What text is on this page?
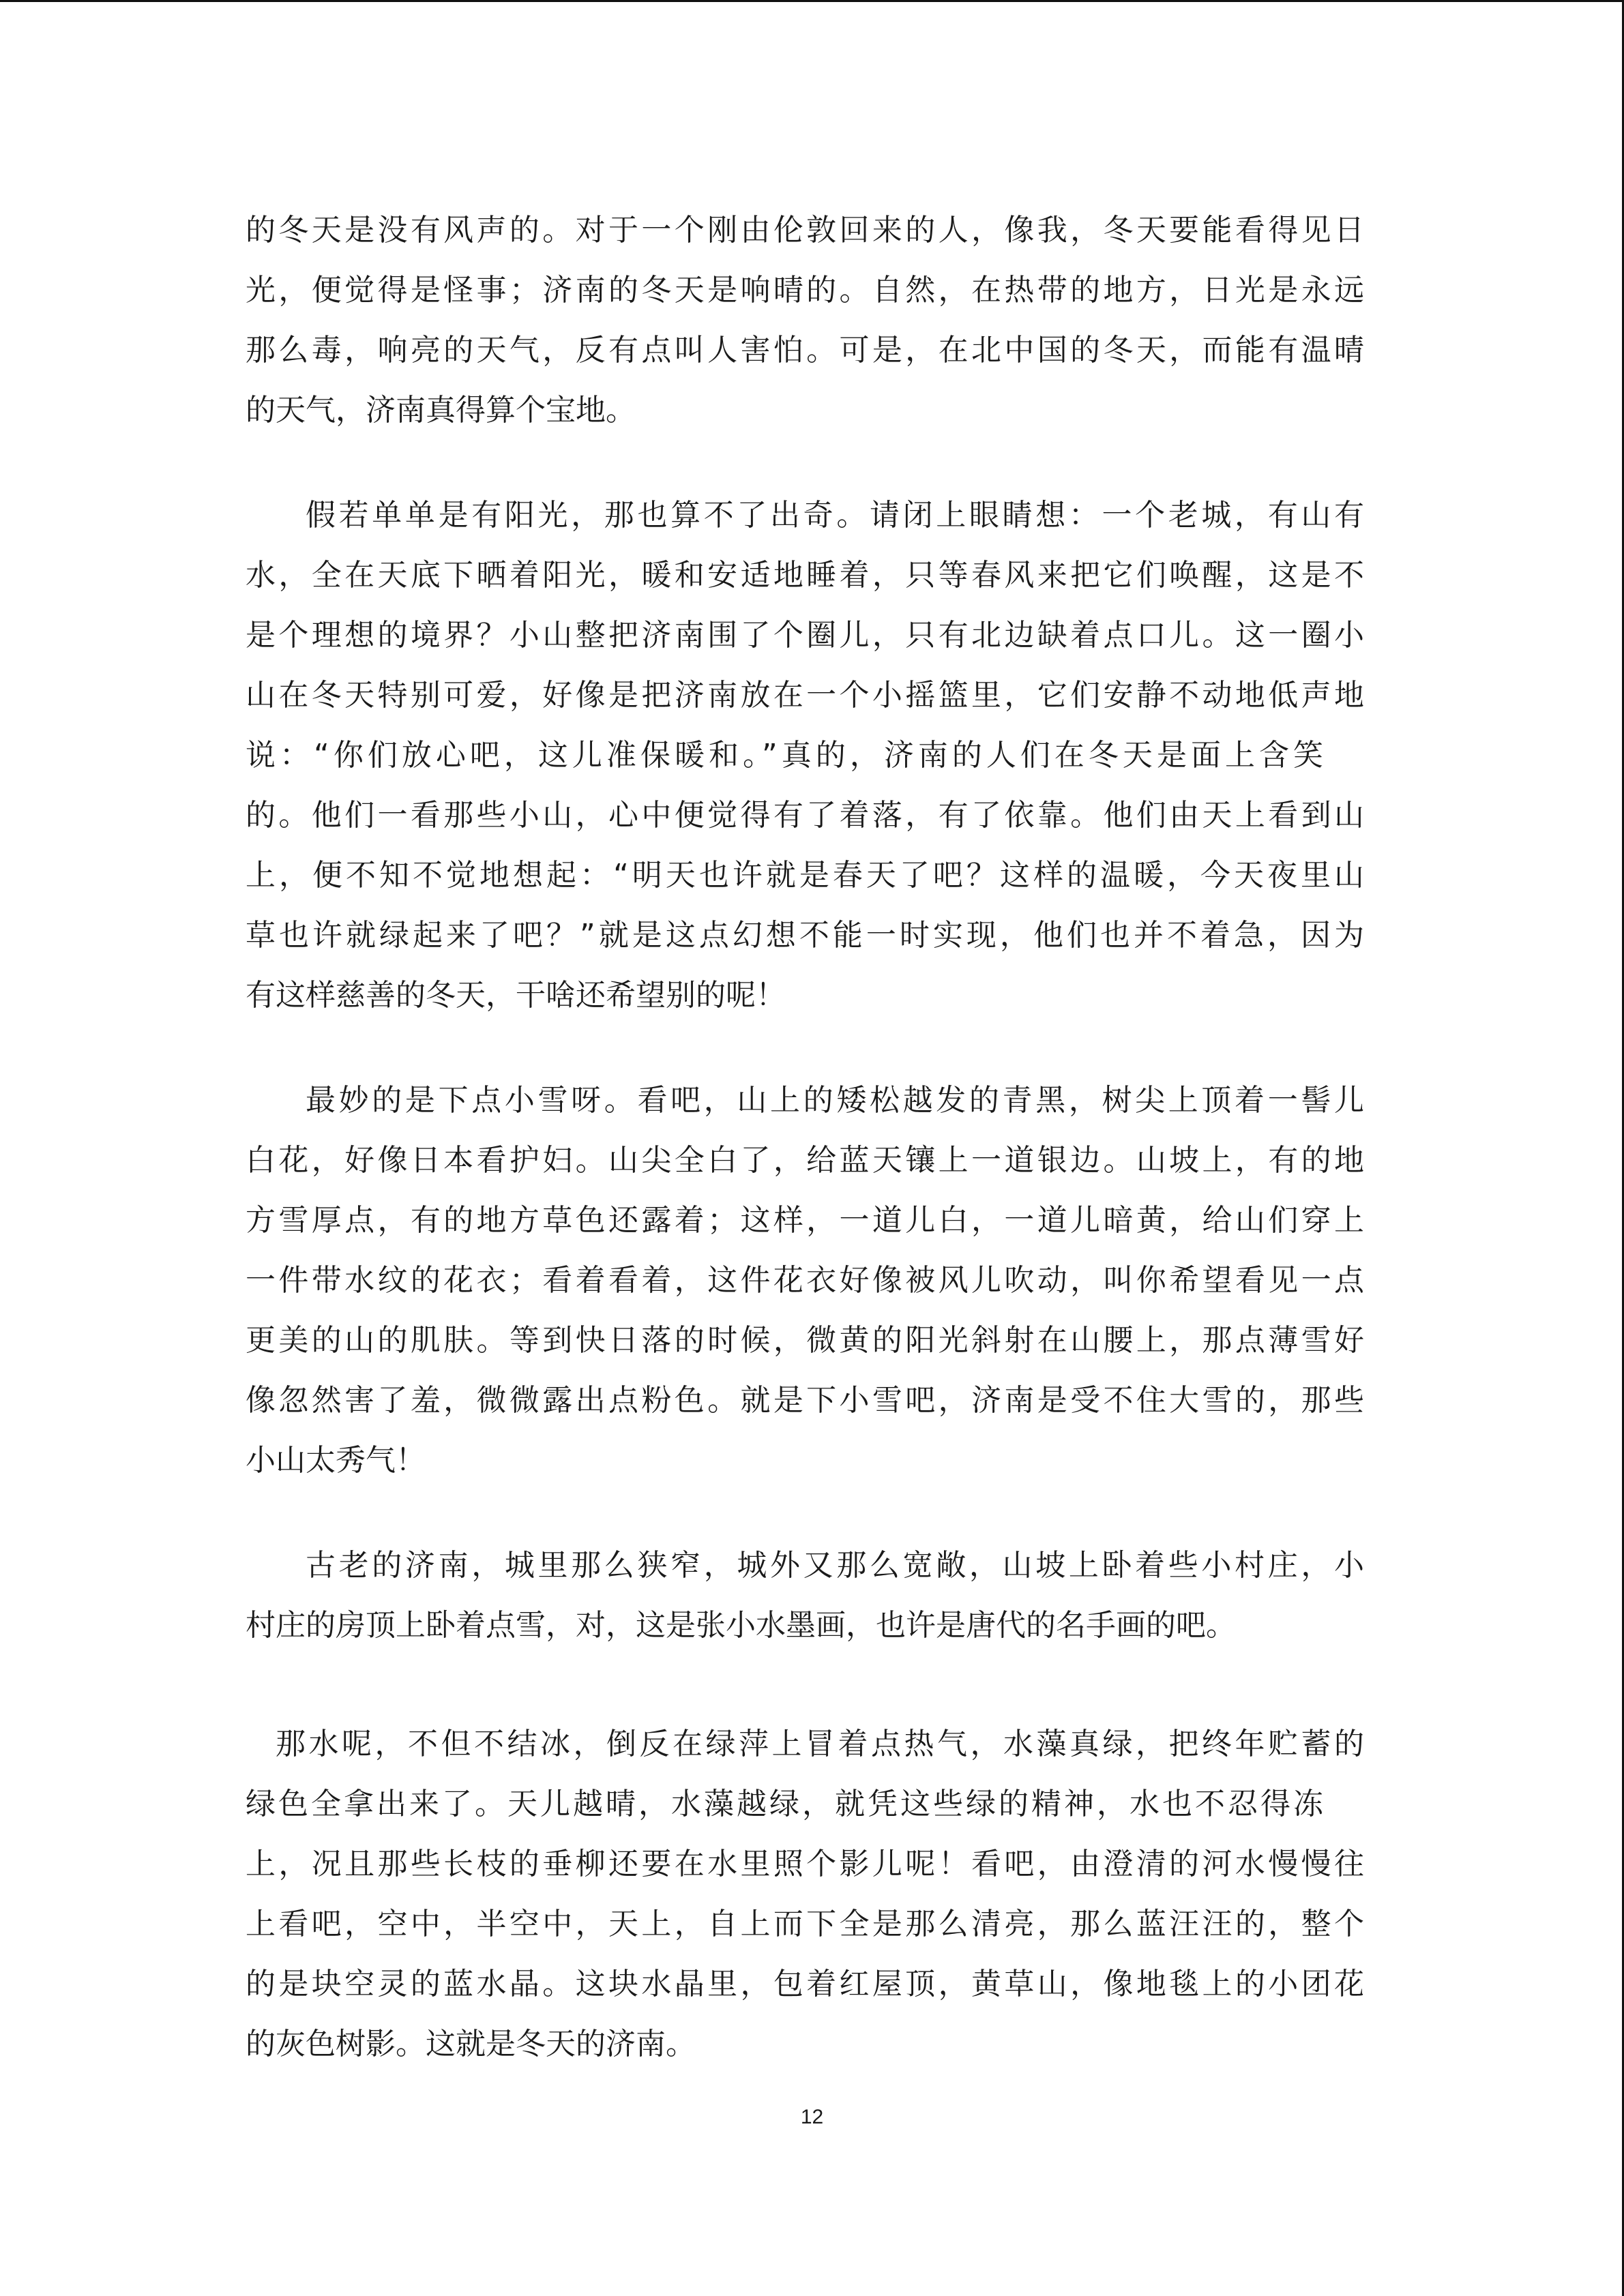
的冬天是没有风声的。对于一个刚由伦敦回来的人，像我，冬天要能看得见日
光，便觉得是怪事；济南的冬天是响晴的。自然，在热带的地方，日光是永远
那么毒，响亮的天气，反有点叫人害怕。可是，在北中国的冬天，而能有温晴
的天气，济南真得算个宝地。
假若单单是有阳光，那也算不了出奇。请闭上眼睛想：一个老城，有山有
水，全在天底下晒着阳光，暖和安适地睡着，只等春风来把它们唤醒，这是不
是个理想的境界？小山整把济南围了个圈儿，只有北边缺着点口儿。这一圈小
山在冬天特别可爱，好像是把济南放在一个小摇篮里，它们安静不动地低声地
说：“你们放心吧，这儿准保暖和。”真的，济南的人们在冬天是面上含笑
的。他们一看那些小山，心中便觉得有了着落，有了依靠。他们由天上看到山
上，便不知不觉地想起：“明天也许就是春天了吧？这样的温暖，今天夜里山
草也许就绿起来了吧？”就是这点幻想不能一时实现，他们也并不着急，因为
有这样慈善的冬天，干啥还希望别的呢！
最妙的是下点小雪呀。看吧，山上的矮松越发的青黑，树尖上顶着一髻儿
白花，好像日本看护妇。山尖全白了，给蓝天镶上一道银边。山坡上，有的地
方雪厚点，有的地方草色还露着；这样，一道儿白，一道儿暗黄，给山们穿上
一件带水纹的花衣；看着看着，这件花衣好像被风儿吹动，叫你希望看见一点
更美的山的肌肤。等到快日落的时候，微黄的阳光斜射在山腰上，那点薄雪好
像忽然害了羞，微微露出点粉色。就是下小雪吧，济南是受不住大雪的，那些
小山太秀气！
古老的济南，城里那么狭窄，城外又那么宽敞，山坡上卧着些小村庄，小
村庄的房顶上卧着点雪，对，这是张小水墨画，也许是唐代的名手画的吧。
那水呢，不但不结冰，倒反在绿萍上冒着点热气，水藻真绿，把终年贮蓄的
绿色全拿出来了。天儿越晴，水藻越绿，就凭这些绿的精神，水也不忍得冻
上，况且那些长枝的垂柳还要在水里照个影儿呢！看吧，由澄清的河水慢慢往
上看吧，空中，半空中，天上，自上而下全是那么清亮，那么蓝汪汪的，整个
的是块空灵的蓝水晶。这块水晶里，包着红屋顶，黄草山，像地毯上的小团花
的灰色树影。这就是冬天的济南。
12
